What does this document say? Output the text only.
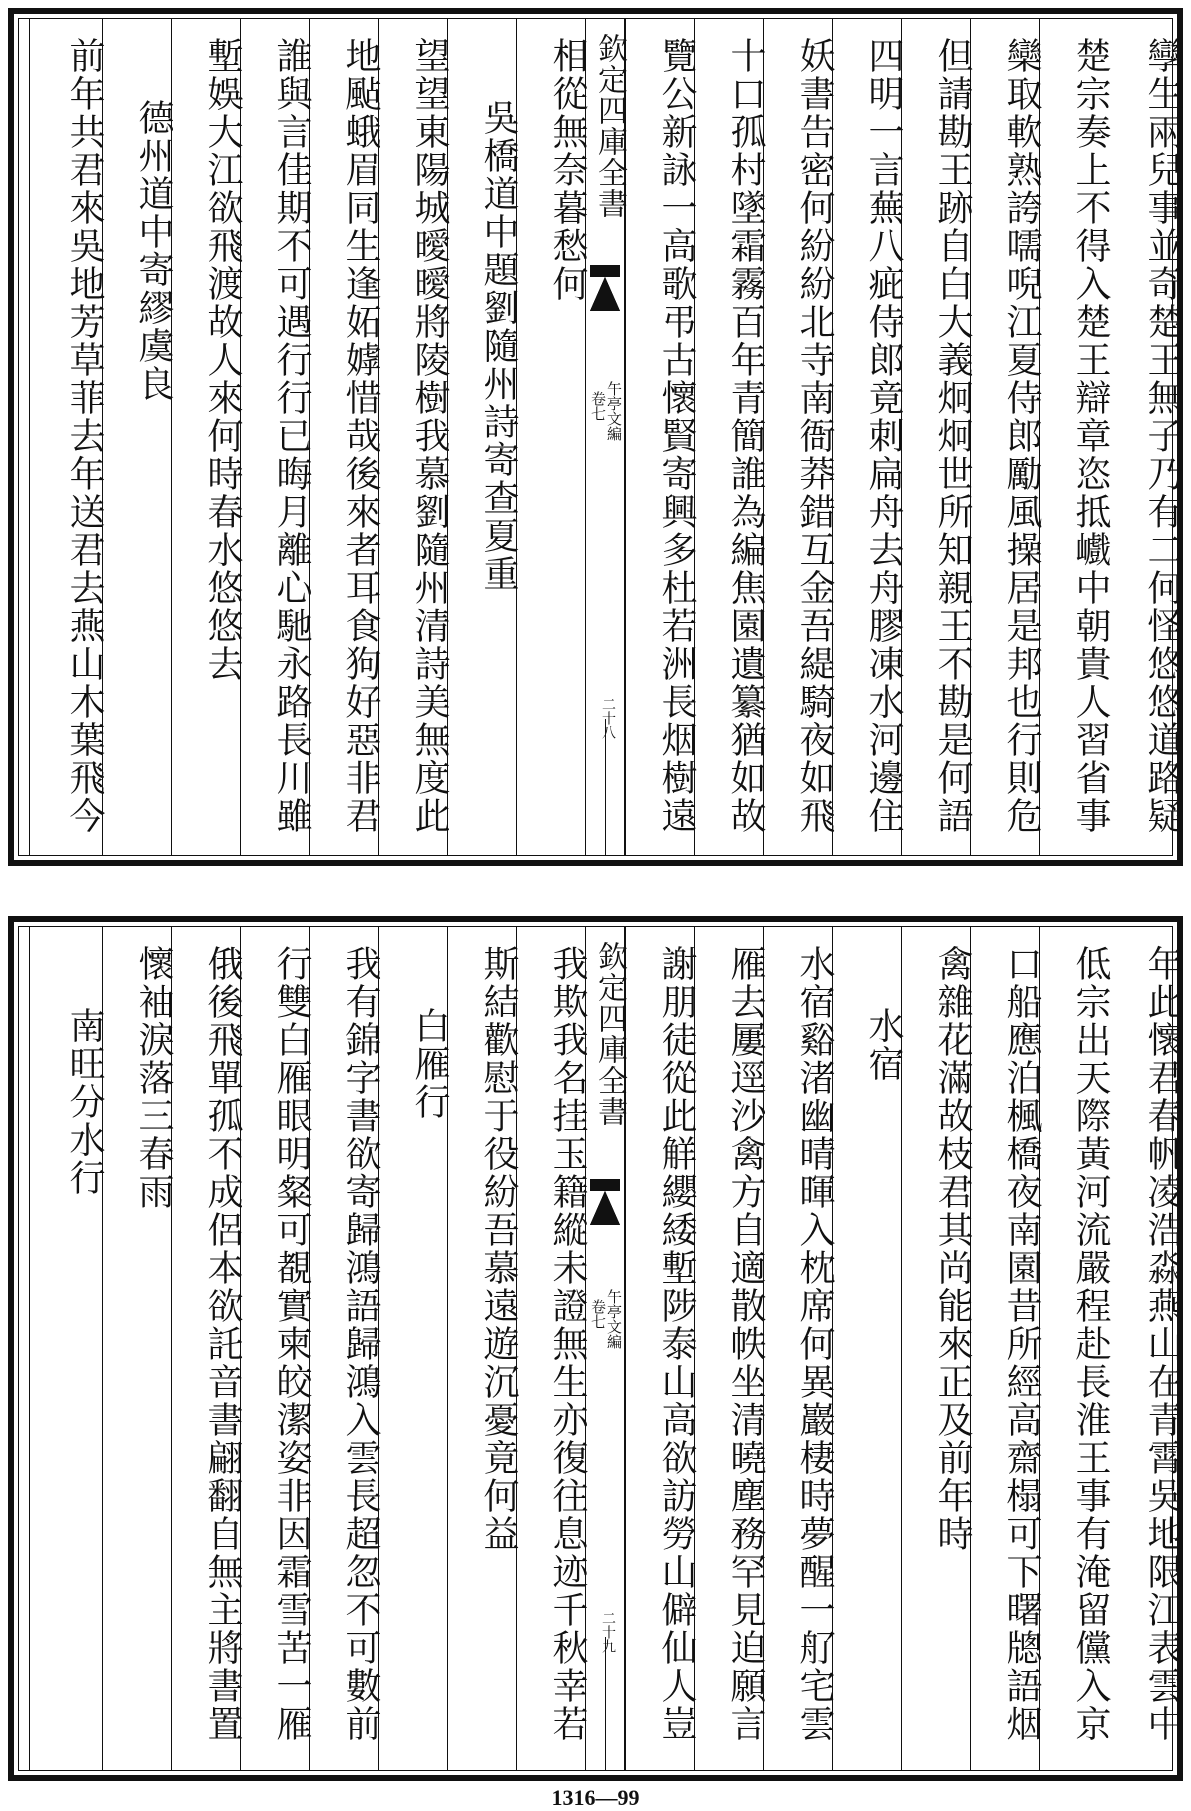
孿生兩兒事並奇楚王無子乃有二何怪悠悠道路疑
楚宗奏上不得入楚王辯章恣抵巇中朝貴人習省事
欒取軟熟誇嚅唲江夏侍郎勵風操居是邦也行則危
但請勘王跡自白大義炯炯世所知親王不勘是何語
四明一言蕪八疵侍郎竟刺扁舟去舟膠凍水河邊住
妖書告密何紛紛北寺南衙莽錯互金吾緹騎夜如飛
十口孤村墜霜霧百年青簡誰為編焦園遺纂猶如故
覽公新詠一高歌弔古懷賢寄興多杜若洲長烟樹遠
欽定四庫全書
午亭文編
卷七
二十八
相從無奈暮愁何
吳橋道中題劉隨州詩寄查夏重
望望東陽城曖曖將陵樹我慕劉隨州清詩美無度此
地颭蛾眉同生逢妬嫭惜哉後來者耳食狗好惡非君
誰與言佳期不可遇行行已晦月離心馳永路長川雖
塹娛大江欲飛渡故人來何時春水悠悠去
德州道中寄繆虞良
前年共君來吳地芳草菲去年送君去燕山木葉飛今
年此懷君春帆凌浩淼燕山在青霄吳地限江表雲中
低宗出天際黃河流嚴程赴長淮王事有淹留儻入京
口船應泊楓橋夜南園昔所經高齋榻可下曙牕語烟
禽雜花滿故枝君其尚能來正及前年時
水宿
水宿谿渚幽晴暉入枕席何異巖棲時夢醒一䑠宅雲
雁去屢逕沙禽方自適散帙坐清曉塵務罕見迫願言
謝朋徒從此觧纓緌塹陟泰山高欲訪勞山僻仙人豈
欽定四庫全書
午亭文編
卷七
二十九
我欺我名挂玉籍縱未證無生亦復往息迹千秋幸若
斯結歡慰于役紛吾慕遠遊沉憂竟何益
白雁行
我有錦字書欲寄歸鴻語歸鴻入雲長超忽不可數前
行雙白雁眼明粲可覩實柬皎潔姿非因霜雪苦一雁
俄後飛單孤不成侶本欲託音書翩翻自無主將書置
懷袖淚落三春雨
南旺分水行
1316—99
